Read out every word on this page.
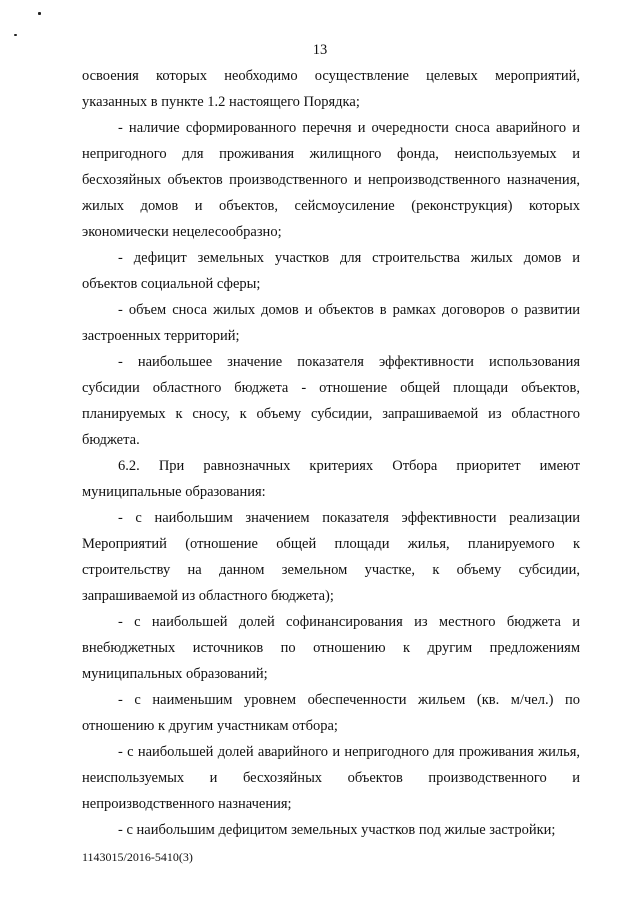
13

освоения которых необходимо осуществление целевых мероприятий, указанных в пункте 1.2 настоящего Порядка;

- наличие сформированного перечня и очередности сноса аварийного и непригодного для проживания жилищного фонда, неиспользуемых и бесхозяйных объектов производственного и непроизводственного назначения, жилых домов и объектов, сейсмоусиление (реконструкция) которых экономически нецелесообразно;

- дефицит земельных участков для строительства жилых домов и объектов социальной сферы;

- объем сноса жилых домов и объектов в рамках договоров о развитии застроенных территорий;

- наибольшее значение показателя эффективности использования субсидии областного бюджета - отношение общей площади объектов, планируемых к сносу, к объему субсидии, запрашиваемой из областного бюджета.

6.2. При равнозначных критериях Отбора приоритет имеют муниципальные образования:

- с наибольшим значением показателя эффективности реализации Мероприятий (отношение общей площади жилья, планируемого к строительству на данном земельном участке, к объему субсидии, запрашиваемой из областного бюджета);

- с наибольшей долей софинансирования из местного бюджета и внебюджетных источников по отношению к другим предложениям муниципальных образований;

- с наименьшим уровнем обеспеченности жильем (кв. м/чел.) по отношению к другим участникам отбора;

- с наибольшей долей аварийного и непригодного для проживания жилья, неиспользуемых и бесхозяйных объектов производственного и непроизводственного назначения;

- с наибольшим дефицитом земельных участков под жилые застройки;

1143015/2016-5410(3)
